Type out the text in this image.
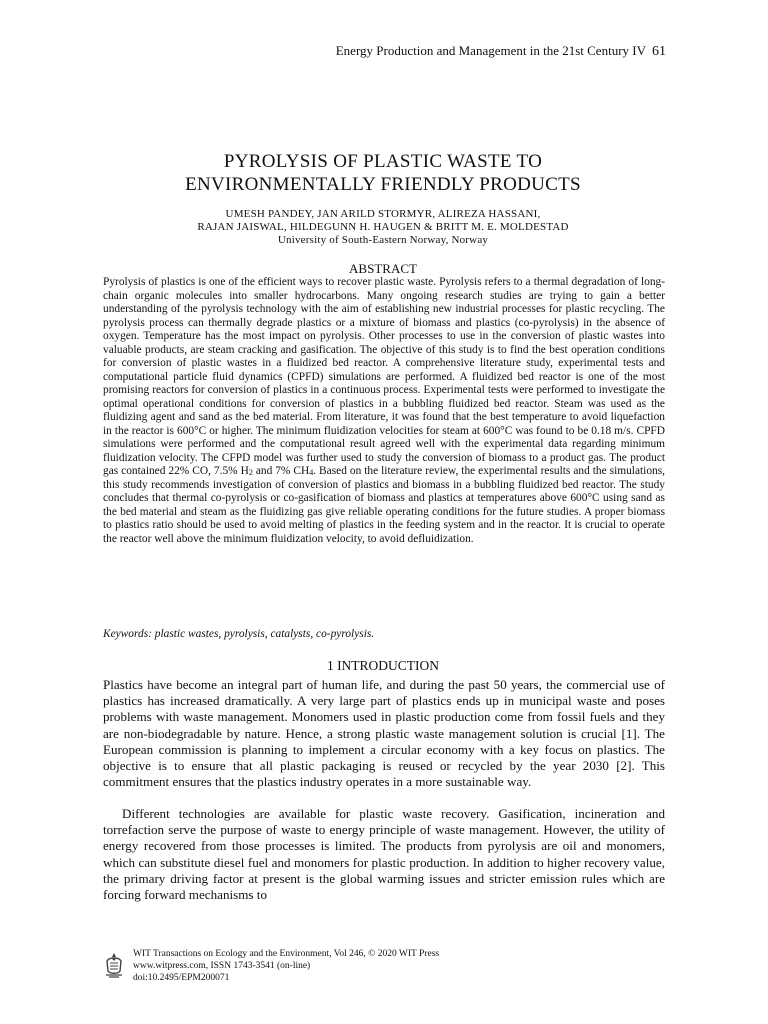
Energy Production and Management in the 21st Century IV 61
PYROLYSIS OF PLASTIC WASTE TO
ENVIRONMENTALLY FRIENDLY PRODUCTS
UMESH PANDEY, JAN ARILD STORMYR, ALIREZA HASSANI,
RAJAN JAISWAL, HILDEGUNN H. HAUGEN & BRITT M. E. MOLDESTAD
University of South-Eastern Norway, Norway
ABSTRACT

Pyrolysis of plastics is one of the efficient ways to recover plastic waste. Pyrolysis refers to a thermal degradation of long-chain organic molecules into smaller hydrocarbons. Many ongoing research studies are trying to gain a better understanding of the pyrolysis technology with the aim of establishing new industrial processes for plastic recycling. The pyrolysis process can thermally degrade plastics or a mixture of biomass and plastics (co-pyrolysis) in the absence of oxygen. Temperature has the most impact on pyrolysis. Other processes to use in the conversion of plastic wastes into valuable products, are steam cracking and gasification. The objective of this study is to find the best operation conditions for conversion of plastic wastes in a fluidized bed reactor. A comprehensive literature study, experimental tests and computational particle fluid dynamics (CPFD) simulations are performed. A fluidized bed reactor is one of the most promising reactors for conversion of plastics in a continuous process. Experimental tests were performed to investigate the optimal operational conditions for conversion of plastics in a bubbling fluidized bed reactor. Steam was used as the fluidizing agent and sand as the bed material. From literature, it was found that the best temperature to avoid liquefaction in the reactor is 600°C or higher. The minimum fluidization velocities for steam at 600°C was found to be 0.18 m/s. CPFD simulations were performed and the computational result agreed well with the experimental data regarding minimum fluidization velocity. The CFPD model was further used to study the conversion of biomass to a product gas. The product gas contained 22% CO, 7.5% $H_2$ and 7% $CH_4$. Based on the literature review, the experimental results and the simulations, this study recommends investigation of conversion of plastics and biomass in a bubbling fluidized bed reactor. The study concludes that thermal co-pyrolysis or co-gasification of biomass and plastics at temperatures above 600°C using sand as the bed material and steam as the fluidizing gas give reliable operating conditions for the future studies. A proper biomass to plastics ratio should be used to avoid melting of plastics in the feeding system and in the reactor. It is crucial to operate the reactor well above the minimum fluidization velocity, to avoid defluidization.

Keywords: plastic wastes, pyrolysis, catalysts, co-pyrolysis.
1 INTRODUCTION

Plastics have become an integral part of human life, and during the past 50 years, the commercial use of plastics has increased dramatically. A very large part of plastics ends up in municipal waste and poses problems with waste management. Monomers used in plastic production come from fossil fuels and they are non-biodegradable by nature. Hence, a strong plastic waste management solution is crucial [1]. The European commission is planning to implement a circular economy with a key focus on plastics. The objective is to ensure that all plastic packaging is reused or recycled by the year 2030 [2]. This commitment ensures that the plastics industry operates in a more sustainable way.

Different technologies are available for plastic waste recovery. Gasification, incineration and torrefaction serve the purpose of waste to energy principle of waste management. However, the utility of energy recovered from those processes is limited. The products from pyrolysis are oil and monomers, which can substitute diesel fuel and monomers for plastic production. In addition to higher recovery value, the primary driving factor at present is the global warming issues and stricter emission rules which are forcing forward mechanisms to

WIT Transactions on Ecology and the Environment, Vol 246, © 2020 WIT Press
www.witpress.com, ISSN 1743-3541 (on-line)
doi:10.2495/EPM200071
